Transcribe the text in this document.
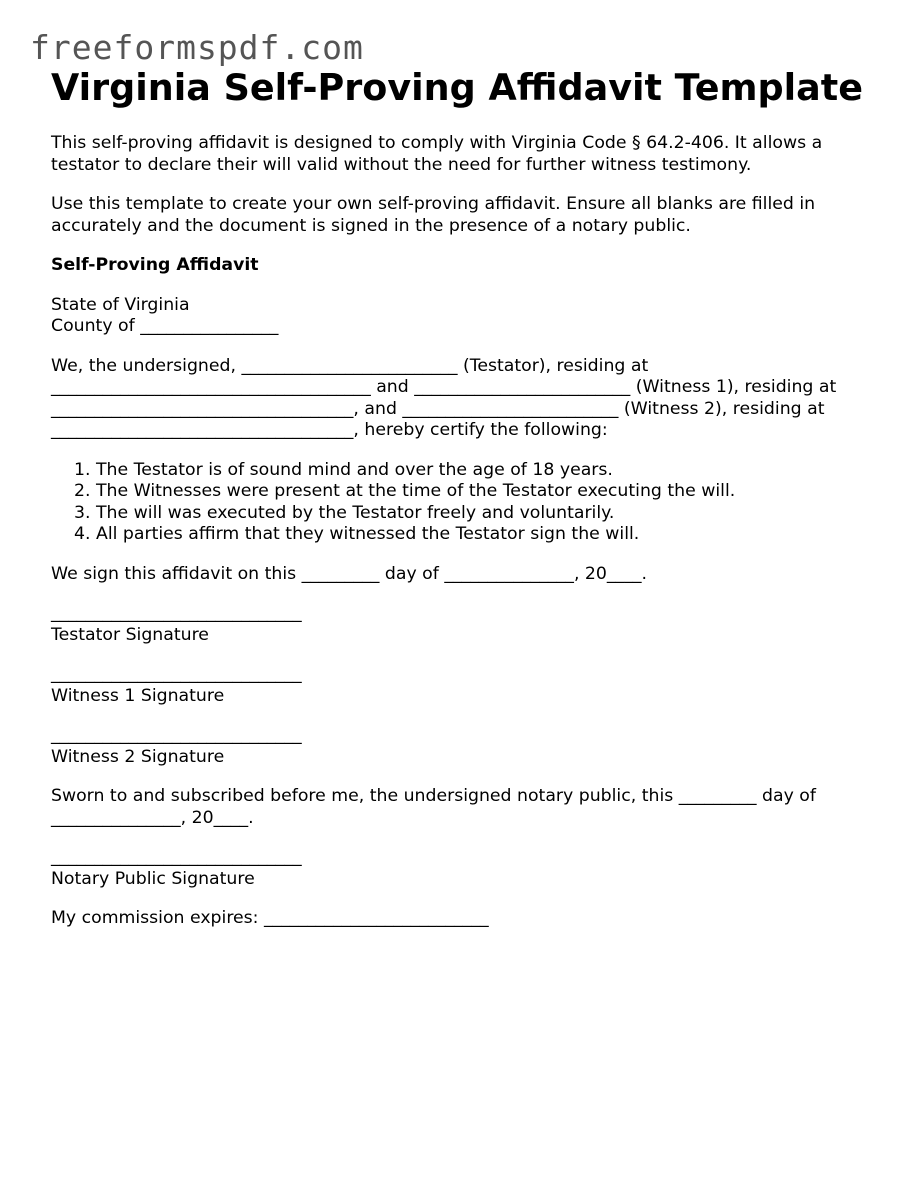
freeformspdf.com
Virginia Self-Proving Affidavit Template

This self-proving affidavit is designed to comply with Virginia Code § 64.2-406. It allows a testator to declare their will valid without the need for further witness testimony.

Use this template to create your own self-proving affidavit. Ensure all blanks are filled in accurately and the document is signed in the presence of a notary public.

Self-Proving Affidavit

State of Virginia
County of ________________

We, the undersigned, _________________________ (Testator), residing at _____________________________________ and _________________________ (Witness 1), residing at ___________________________________, and _________________________ (Witness 2), residing at ___________________________________, hereby certify the following:

1. The Testator is of sound mind and over the age of 18 years.
2. The Witnesses were present at the time of the Testator executing the will.
3. The will was executed by the Testator freely and voluntarily.
4. All parties affirm that they witnessed the Testator sign the will.

We sign this affidavit on this _________ day of _______________, 20____.

_____________________________
Testator Signature

_____________________________
Witness 1 Signature

_____________________________
Witness 2 Signature

Sworn to and subscribed before me, the undersigned notary public, this _________ day of _______________, 20____.

_____________________________
Notary Public Signature

My commission expires: __________________________
